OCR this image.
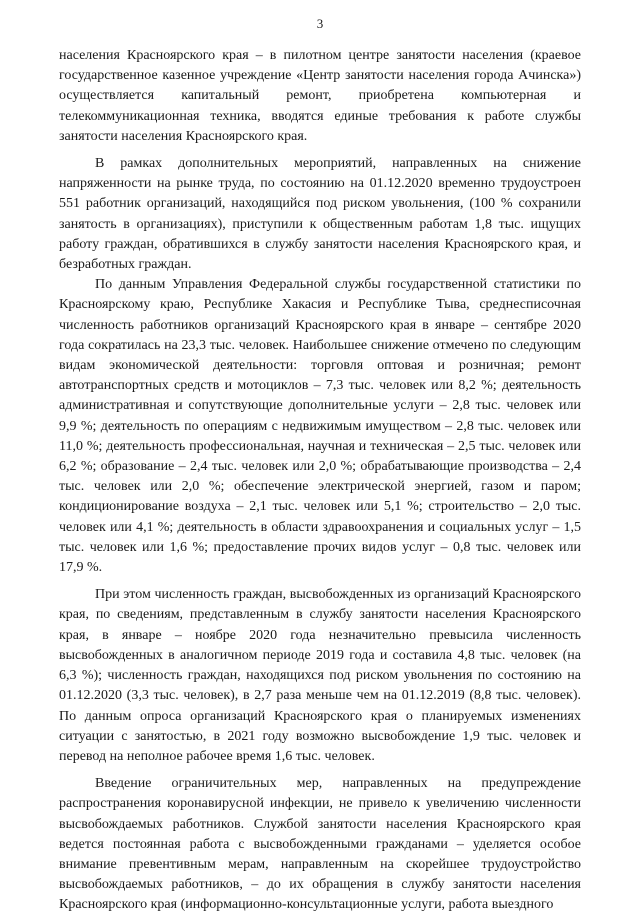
3

населения Красноярского края – в пилотном центре занятости населения (краевое государственное казенное учреждение «Центр занятости населения города Ачинска») осуществляется капитальный ремонт, приобретена компьютерная и телекоммуникационная техника, вводятся единые требования к работе службы занятости населения Красноярского края.

В рамках дополнительных мероприятий, направленных на снижение напряженности на рынке труда, по состоянию на 01.12.2020 временно трудоустроен 551 работник организаций, находящийся под риском увольнения, (100 % сохранили занятость в организациях), приступили к общественным работам 1,8 тыс. ищущих работу граждан, обратившихся в службу занятости населения Красноярского края, и безработных граждан.

По данным Управления Федеральной службы государственной статистики по Красноярскому краю, Республике Хакасия и Республике Тыва, среднесписочная численность работников организаций Красноярского края в январе – сентябре 2020 года сократилась на 23,3 тыс. человек. Наибольшее снижение отмечено по следующим видам экономической деятельности: торговля оптовая и розничная; ремонт автотранспортных средств и мотоциклов – 7,3 тыс. человек или 8,2 %; деятельность административная и сопутствующие дополнительные услуги – 2,8 тыс. человек или 9,9 %; деятельность по операциям с недвижимым имуществом – 2,8 тыс. человек или 11,0 %; деятельность профессиональная, научная и техническая – 2,5 тыс. человек или 6,2 %; образование – 2,4 тыс. человек или 2,0 %; обрабатывающие производства – 2,4 тыс. человек или 2,0 %; обеспечение электрической энергией, газом и паром; кондиционирование воздуха – 2,1 тыс. человек или 5,1 %; строительство – 2,0 тыс. человек или 4,1 %; деятельность в области здравоохранения и социальных услуг – 1,5 тыс. человек или 1,6 %; предоставление прочих видов услуг – 0,8 тыс. человек или 17,9 %.

При этом численность граждан, высвобожденных из организаций Красноярского края, по сведениям, представленным в службу занятости населения Красноярского края, в январе – ноябре 2020 года незначительно превысила численность высвобожденных в аналогичном периоде 2019 года и составила 4,8 тыс. человек (на 6,3 %); численность граждан, находящихся под риском увольнения по состоянию на 01.12.2020 (3,3 тыс. человек), в 2,7 раза меньше чем на 01.12.2019 (8,8 тыс. человек). По данным опроса организаций Красноярского края о планируемых изменениях ситуации с занятостью, в 2021 году возможно высвобождение 1,9 тыс. человек и перевод на неполное рабочее время 1,6 тыс. человек.

Введение ограничительных мер, направленных на предупреждение распространения коронавирусной инфекции, не привело к увеличению численности высвобождаемых работников. Службой занятости населения Красноярского края ведется постоянная работа с высвобожденными гражданами – уделяется особое внимание превентивным мерам, направленным на скорейшее трудоустройство высвобождаемых работников, – до их обращения в службу занятости населения Красноярского края (информационно-консультационные услуги, работа выездного
